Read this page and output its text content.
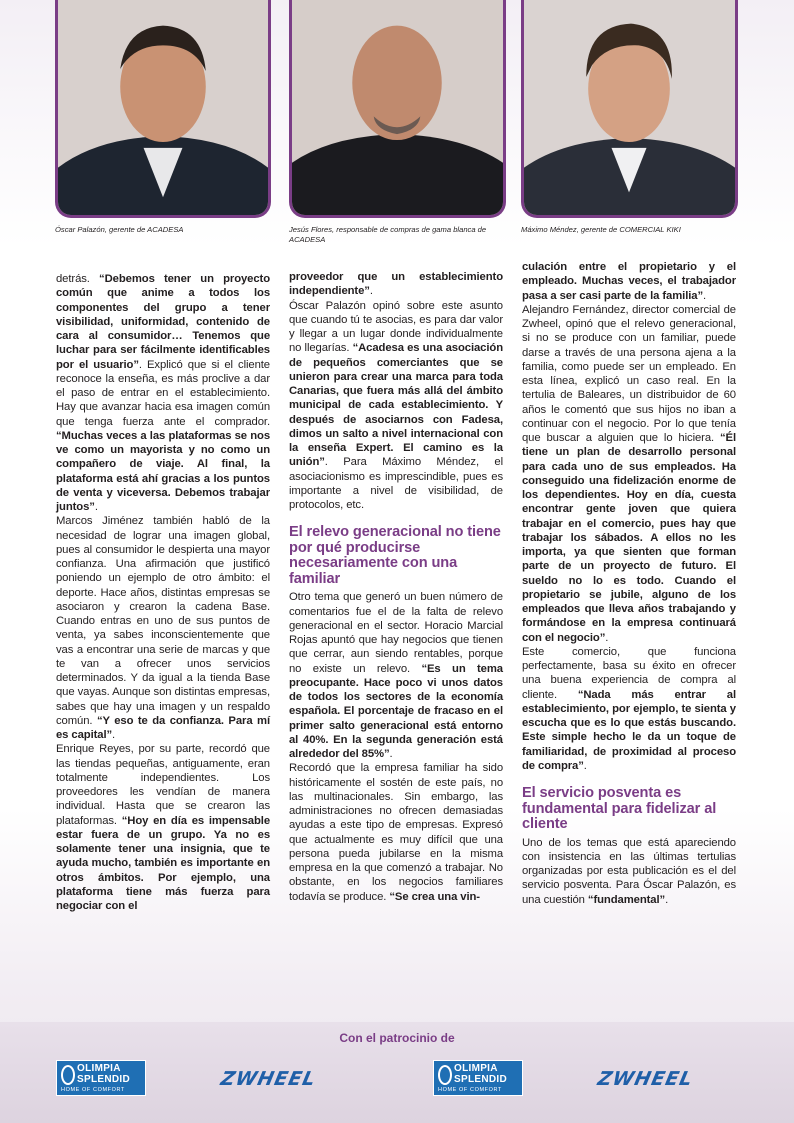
Óscar Palazón, gerente de ACADESA	Jesús Flores, responsable de compras de gama blanca de ACADESA
Máximo Méndez, gerente de COMERCIAL KIKI

detrás. “Debemos tener un proyecto común que anime a todos los componentes del grupo a tener visibilidad, uniformidad, contenido de cara al consumidor… Tenemos que luchar para ser fácilmente identificables por el usuario”. Explicó que si el cliente reconoce la enseña, es más proclive a dar el paso de entrar en el establecimiento. Hay que avanzar hacia esa imagen común que tenga fuerza ante el comprador. “Muchas veces a las plataformas se nos ve como un mayorista y no como un compañero de viaje. Al final, la plataforma está ahí gracias a los puntos de venta y viceversa. Debemos trabajar juntos”.

Marcos Jiménez también habló de la necesidad de lograr una imagen global, pues al consumidor le despierta una mayor confianza. Una afirmación que justificó poniendo un ejemplo de otro ámbito: el deporte. Hace años, distintas empresas se asociaron y crearon la cadena Base. Cuando entras en uno de sus puntos de venta, ya sabes inconscientemente que vas a encontrar una serie de marcas y que te van a ofrecer unos servicios determinados. Y da igual a la tienda Base que vayas. Aunque son distintas empresas, sabes que hay una imagen y un respaldo común. “Y eso te da confianza. Para mí es capital”.

Enrique Reyes, por su parte, recordó que las tiendas pequeñas, antiguamente, eran totalmente independientes. Los proveedores les vendían de manera individual. Hasta que se crearon las plataformas. “Hoy en día es impensable estar fuera de un grupo. Ya no es solamente tener una insignia, que te ayuda mucho, también es importante en otros ámbitos. Por ejemplo, una plataforma tiene más fuerza para negociar con el

proveedor que un establecimiento independiente”.

Óscar Palazón opinó sobre este asunto que cuando tú te asocias, es para dar valor y llegar a un lugar donde individualmente no llegarías. “Acadesa es una asociación de pequeños comerciantes que se unieron para crear una marca para toda Canarias, que fuera más allá del ámbito municipal de cada establecimiento. Y después de asociarnos con Fadesa, dimos un salto a nivel internacional con la enseña Expert. El camino es la unión”. Para Máximo Méndez, el asociacionismo es imprescindible, pues es importante a nivel de visibilidad, de protocolos, etc.

El relevo generacional no tiene por qué producirse necesariamente con una familiar

Otro tema que generó un buen número de comentarios fue el de la falta de relevo generacional en el sector. Horacio Marcial Rojas apuntó que hay negocios que tienen que cerrar, aun siendo rentables, porque no existe un relevo. “Es un tema preocupante. Hace poco vi unos datos de todos los sectores de la economía española. El porcentaje de fracaso en el primer salto generacional está entorno al 40%. En la segunda generación está alrededor del 85%”.

Recordó que la empresa familiar ha sido históricamente el sostén de este país, no las multinacionales. Sin embargo, las administraciones no ofrecen demasiadas ayudas a este tipo de empresas. Expresó que actualmente es muy difícil que una persona pueda jubilarse en la misma empresa en la que comenzó a trabajar. No obstante, en los negocios familiares todavía se produce. “Se crea una vin-

culación entre el propietario y el empleado. Muchas veces, el trabajador pasa a ser casi parte de la familia”.

Alejandro Fernández, director comercial de Zwheel, opinó que el relevo generacional, si no se produce con un familiar, puede darse a través de una persona ajena a la familia, como puede ser un empleado. En esta línea, explicó un caso real. En la tertulia de Baleares, un distribuidor de 60 años le comentó que sus hijos no iban a continuar con el negocio. Por lo que tenía que buscar a alguien que lo hiciera. “Él tiene un plan de desarrollo personal para cada uno de sus empleados. Ha conseguido una fidelización enorme de los dependientes. Hoy en día, cuesta encontrar gente joven que quiera trabajar en el comercio, pues hay que trabajar los sábados. A ellos no les importa, ya que sienten que forman parte de un proyecto de futuro. El sueldo no lo es todo. Cuando el propietario se jubile, alguno de los empleados que lleva años trabajando y formándose en la empresa continuará con el negocio”.

Este comercio, que funciona perfectamente, basa su éxito en ofrecer una buena experiencia de compra al cliente. “Nada más entrar al establecimiento, por ejemplo, te sienta y escucha que es lo que estás buscando. Este simple hecho le da un toque de familiaridad, de proximidad al proceso de compra”.

El servicio posventa es fundamental para fidelizar al cliente

Uno de los temas que está apareciendo con insistencia en las últimas tertulias organizadas por esta publicación es el del servicio posventa. Para Óscar Palazón, es una cuestión “fundamental”.

Con el patrocinio de
OLIMPIA
SPLENDID
HOME OF COMFORT	ZWHEEL	OLIMPIA
SPLENDID
HOME OF COMFORT	ZWHEEL
